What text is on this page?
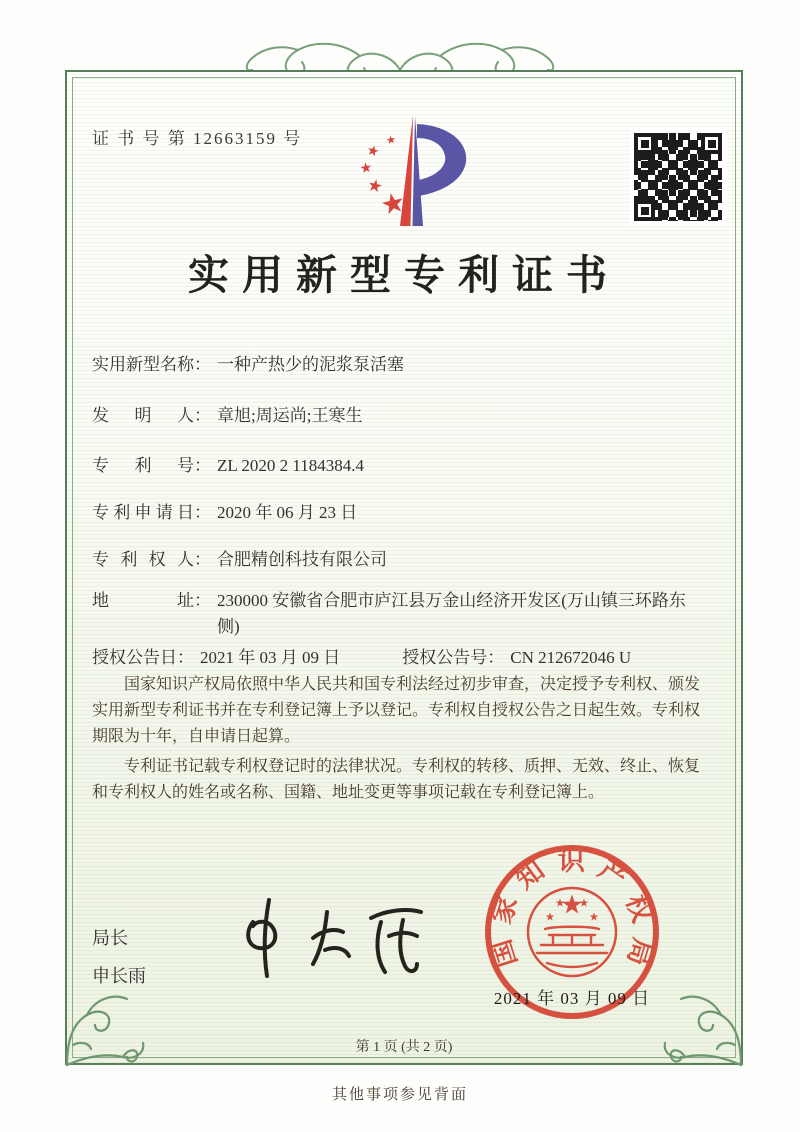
证 书 号 第 12663159 号
实用新型专利证书
实用新型名称 ： 一种产热少的泥浆泵活塞
发明人 ： 章旭;周运尚;王寒生
专利号 ： ZL 2020 2 1184384.4
专利申请日 ： 2020 年 06 月 23 日
专利权人 ： 合肥精创科技有限公司
地址 ： 230000 安徽省合肥市庐江县万金山经济开发区(万山镇三环路东侧)
授权公告日 ： 2021 年 03 月 09 日	授权公告号 ： CN 212672046 U

国家知识产权局依照中华人民共和国专利法经过初步审查，决定授予专利权、颁发实用新型专利证书并在专利登记簿上予以登记。专利权自授权公告之日起生效。专利权期限为十年，自申请日起算。

专利证书记载专利权登记时的法律状况。专利权的转移、质押、无效、终止、恢复和专利权人的姓名或名称、国籍、地址变更等事项记载在专利登记簿上。

局长
申长雨
国家知识产权局
2021 年 03 月 09 日
第 1 页 (共 2 页)
其他事项参见背面
